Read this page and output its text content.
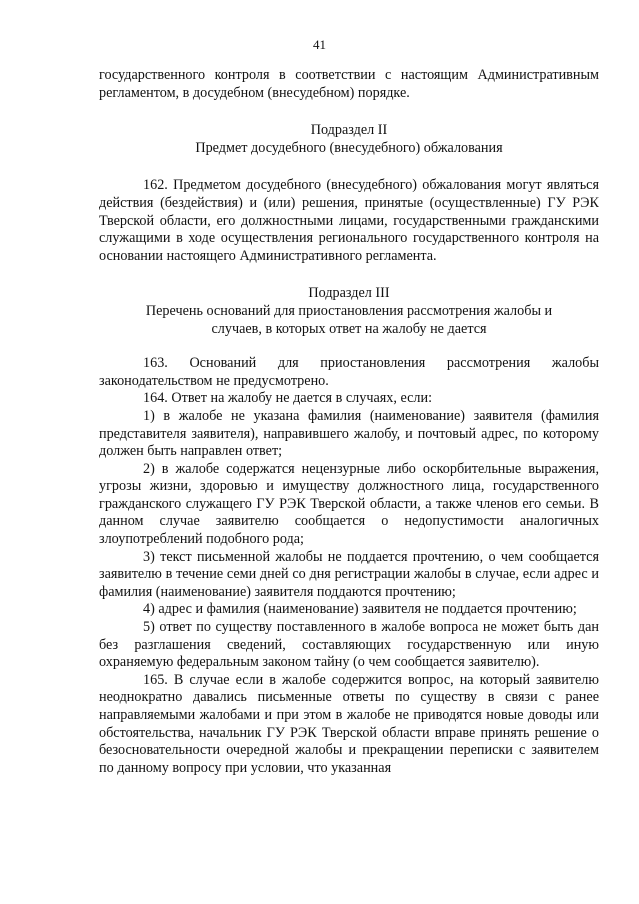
41

государственного контроля в соответствии с настоящим Административным регламентом, в досудебном (внесудебном) порядке.

Подраздел II

Предмет досудебного (внесудебного) обжалования

162. Предметом досудебного (внесудебного) обжалования могут являться действия (бездействия) и (или) решения, принятые (осуществленные) ГУ РЭК Тверской области, его должностными лицами, государственными гражданскими служащими в ходе осуществления регионального государственного контроля на основании настоящего Административного регламента.

Подраздел III

Перечень оснований для приостановления рассмотрения жалобы и

случаев, в которых ответ на жалобу не дается

163. Оснований для приостановления рассмотрения жалобы законодательством не предусмотрено.

164. Ответ на жалобу не дается в случаях, если:

1) в жалобе не указана фамилия (наименование) заявителя (фамилия представителя заявителя), направившего жалобу, и почтовый адрес, по которому должен быть направлен ответ;

2) в жалобе содержатся нецензурные либо оскорбительные выражения, угрозы жизни, здоровью и имуществу должностного лица, государственного гражданского служащего ГУ РЭК Тверской области, а также членов его семьи. В данном случае заявителю сообщается о недопустимости аналогичных злоупотреблений подобного рода;

3) текст письменной жалобы не поддается прочтению, о чем сообщается заявителю в течение семи дней со дня регистрации жалобы в случае, если адрес и фамилия (наименование) заявителя поддаются прочтению;

4) адрес и фамилия (наименование) заявителя не поддается прочтению;

5) ответ по существу поставленного в жалобе вопроса не может быть дан без разглашения сведений, составляющих государственную или иную охраняемую федеральным законом тайну (о чем сообщается заявителю).

165. В случае если в жалобе содержится вопрос, на который заявителю неоднократно давались письменные ответы по существу в связи с ранее направляемыми жалобами и при этом в жалобе не приводятся новые доводы или обстоятельства, начальник ГУ РЭК Тверской области вправе принять решение о безосновательности очередной жалобы и прекращении переписки с заявителем по данному вопросу при условии, что указанная
